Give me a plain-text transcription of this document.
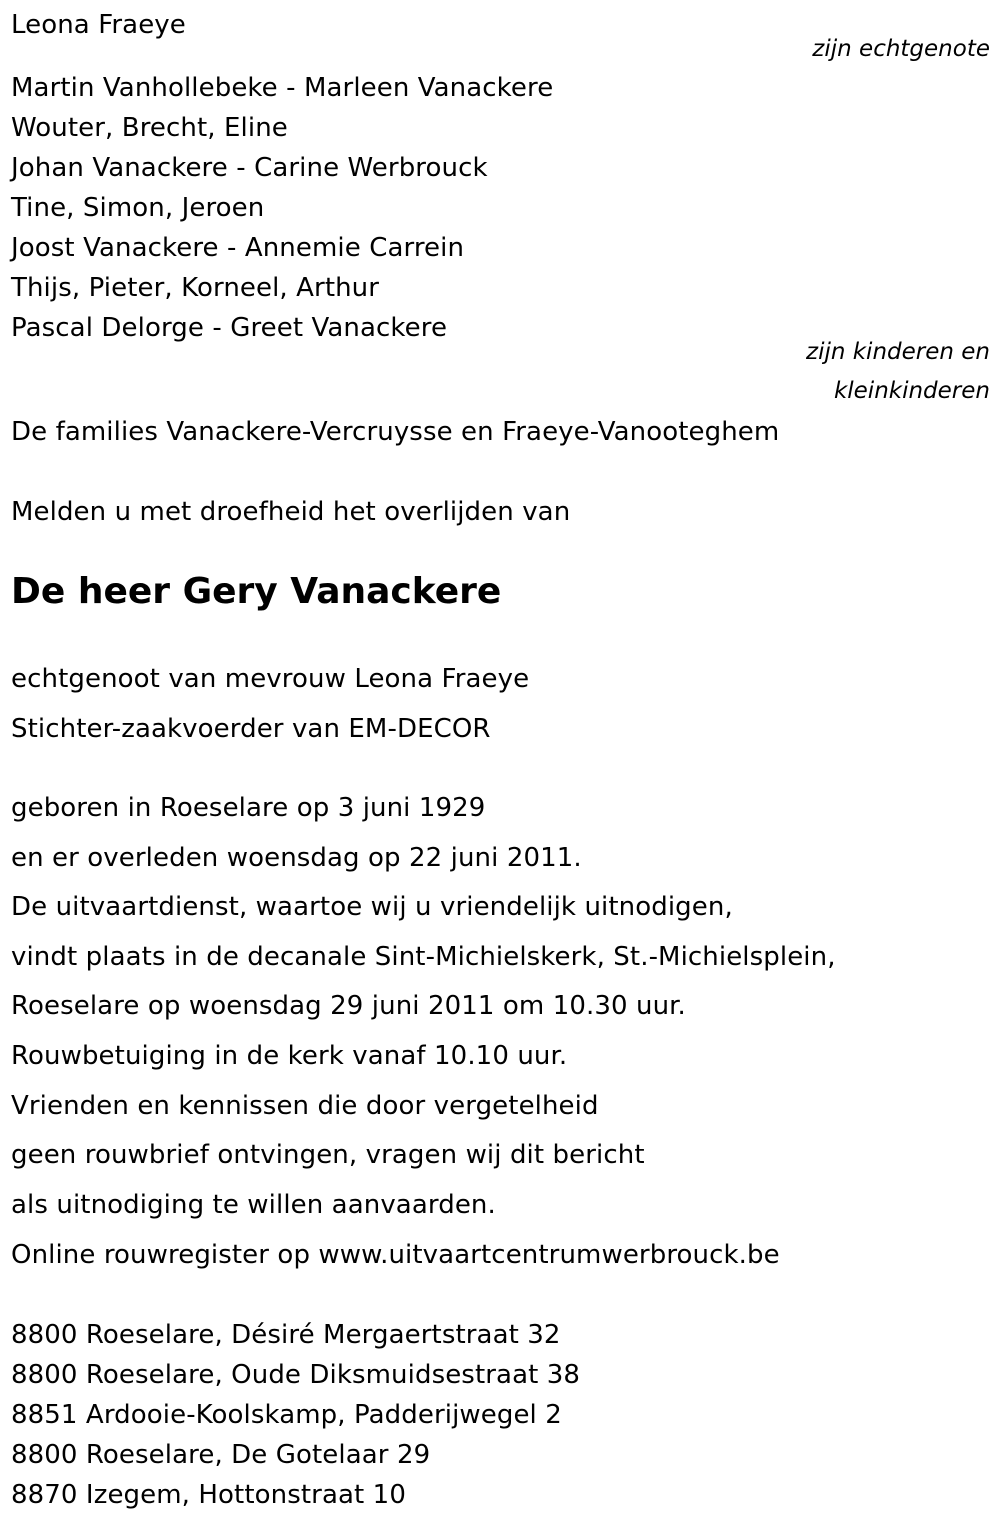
Leona Fraeye
zijn echtgenote
Martin Vanhollebeke - Marleen Vanackere
Wouter, Brecht, Eline
Johan Vanackere - Carine Werbrouck
Tine, Simon, Jeroen
Joost Vanackere - Annemie Carrein
Thijs, Pieter, Korneel, Arthur
Pascal Delorge - Greet Vanackere
zijn kinderen en
kleinkinderen
De families Vanackere-Vercruysse en Fraeye-Vanooteghem
Melden u met droefheid het overlijden van
De heer Gery Vanackere
echtgenoot van mevrouw Leona Fraeye
Stichter-zaakvoerder van EM-DECOR
geboren in Roeselare op 3 juni 1929
en er overleden woensdag op 22 juni 2011.
De uitvaartdienst, waartoe wij u vriendelijk uitnodigen,
vindt plaats in de decanale Sint-Michielskerk, St.-Michielsplein,
Roeselare op woensdag 29 juni 2011 om 10.30 uur.
Rouwbetuiging in de kerk vanaf 10.10 uur.
Vrienden en kennissen die door vergetelheid
geen rouwbrief ontvingen, vragen wij dit bericht
als uitnodiging te willen aanvaarden.
Online rouwregister op www.uitvaartcentrumwerbrouck.be
8800 Roeselare, Désiré Mergaertstraat 32
8800 Roeselare, Oude Diksmuidsestraat 38
8851 Ardooie-Koolskamp, Padderijwegel 2
8800 Roeselare, De Gotelaar 29
8870 Izegem, Hottonstraat 10
